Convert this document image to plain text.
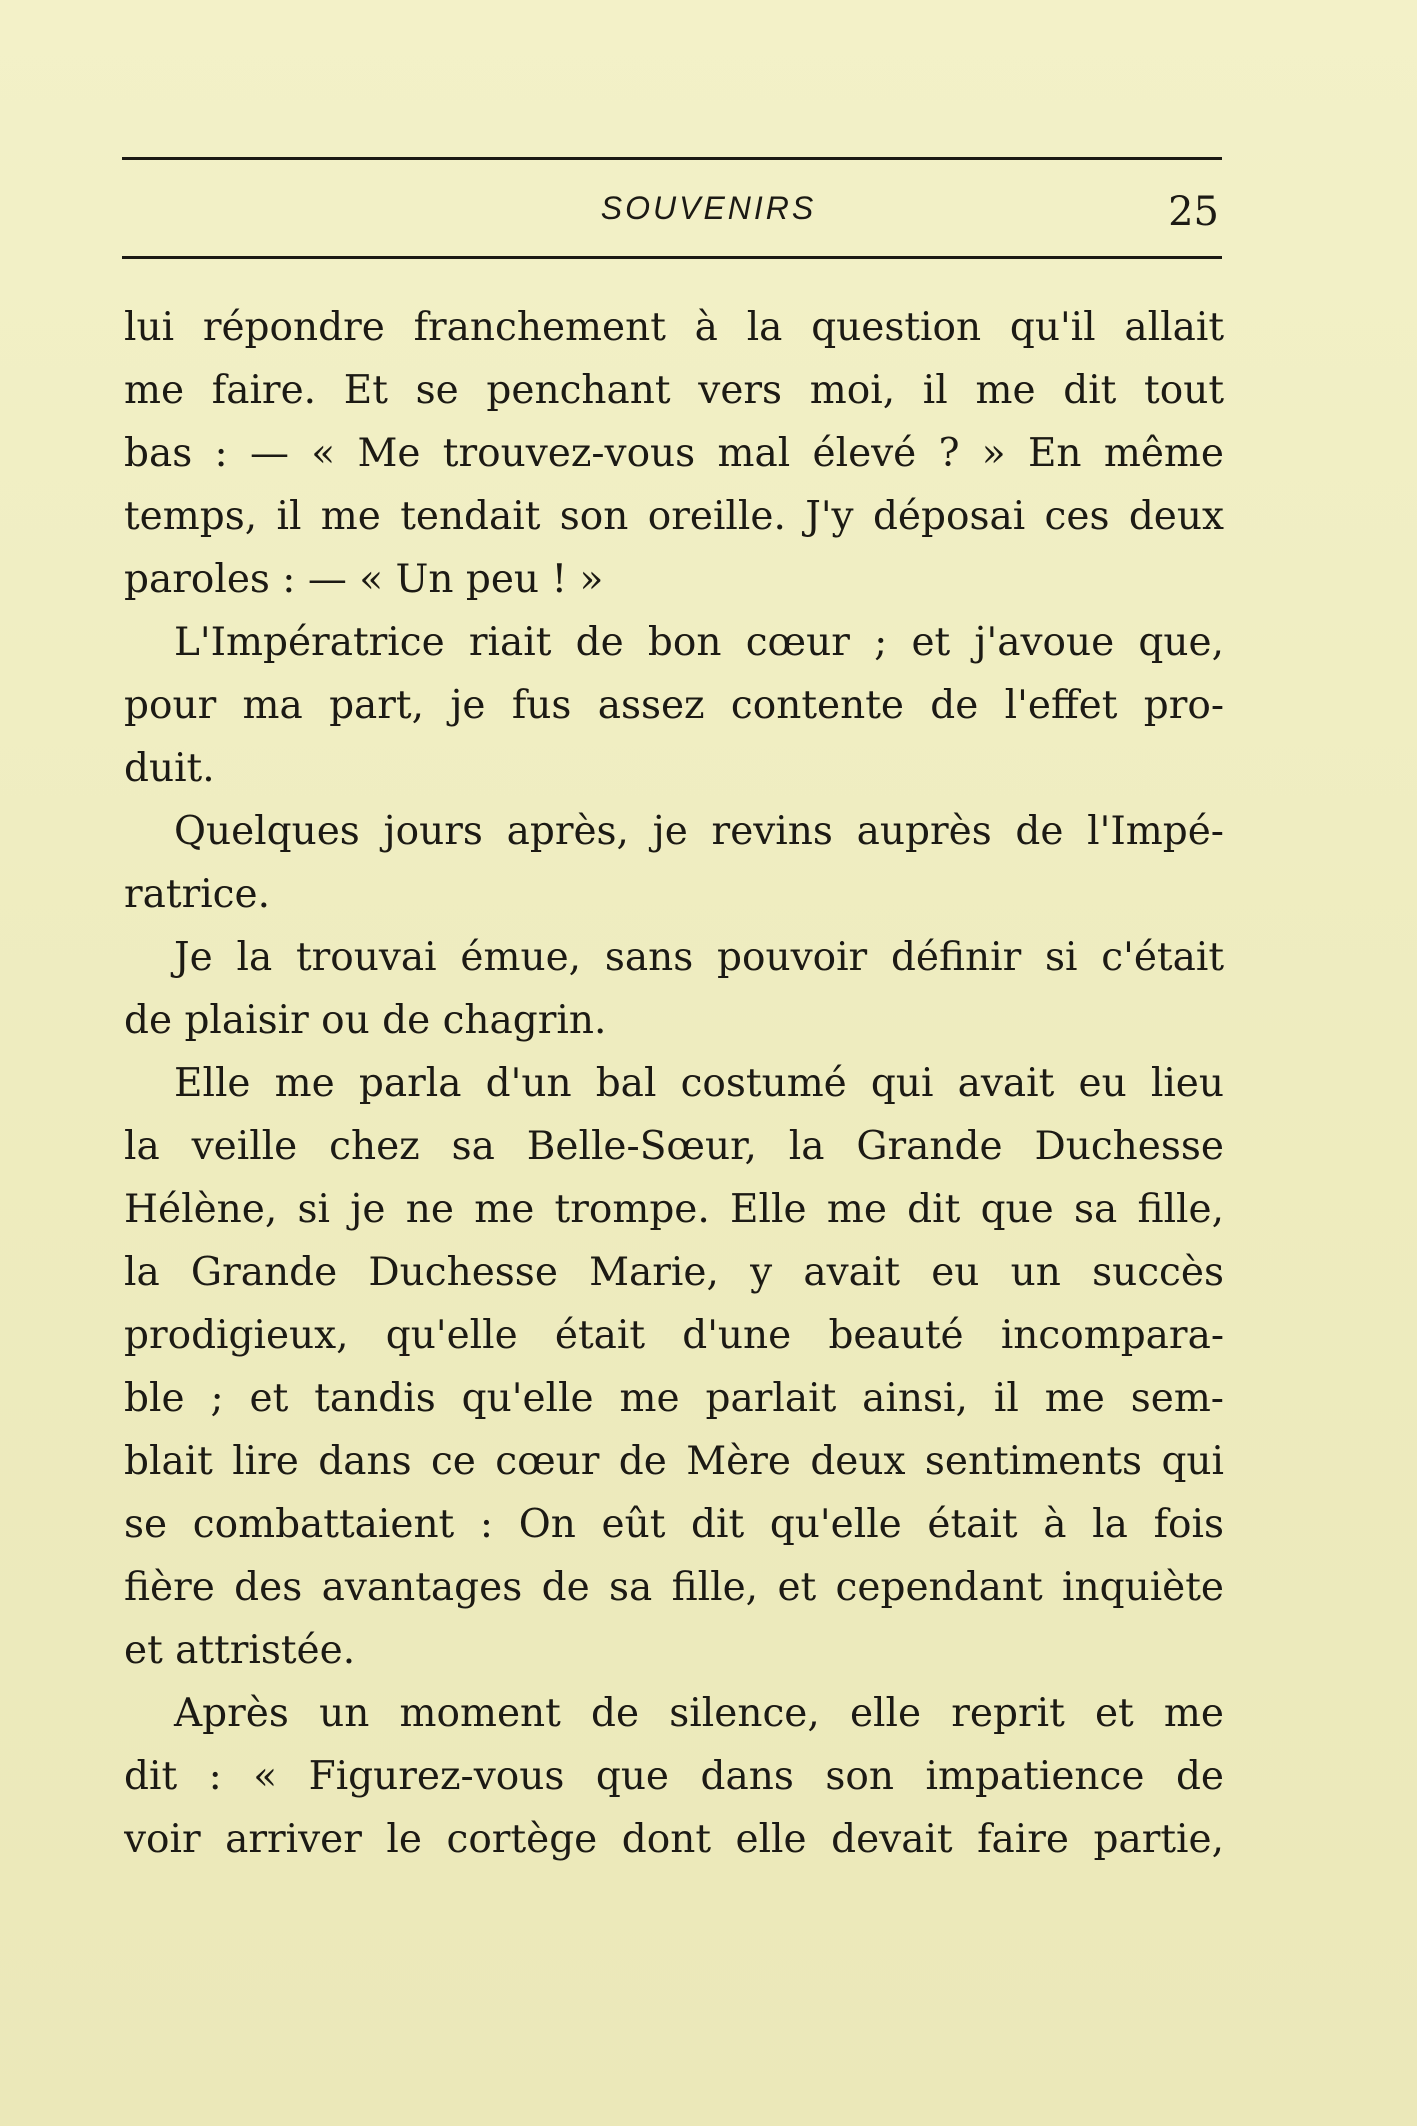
SOUVENIRS	25
lui répondre franchement à la question qu'il allait
me faire. Et se penchant vers moi, il me dit tout
bas : — « Me trouvez-vous mal élevé ? » En même
temps, il me tendait son oreille. J'y déposai ces deux
paroles : — « Un peu ! »
L'Impératrice riait de bon cœur ; et j'avoue que,
pour ma part, je fus assez contente de l'effet pro-
duit.
Quelques jours après, je revins auprès de l'Impé-
ratrice.
Je la trouvai émue, sans pouvoir définir si c'était
de plaisir ou de chagrin.
Elle me parla d'un bal costumé qui avait eu lieu
la veille chez sa Belle-Sœur, la Grande Duchesse
Hélène, si je ne me trompe. Elle me dit que sa fille,
la Grande Duchesse Marie, y avait eu un succès
prodigieux, qu'elle était d'une beauté incompara-
ble ; et tandis qu'elle me parlait ainsi, il me sem-
blait lire dans ce cœur de Mère deux sentiments qui
se combattaient : On eût dit qu'elle était à la fois
fière des avantages de sa fille, et cependant inquiète
et attristée.
Après un moment de silence, elle reprit et me
dit : « Figurez-vous que dans son impatience de
voir arriver le cortège dont elle devait faire partie,
